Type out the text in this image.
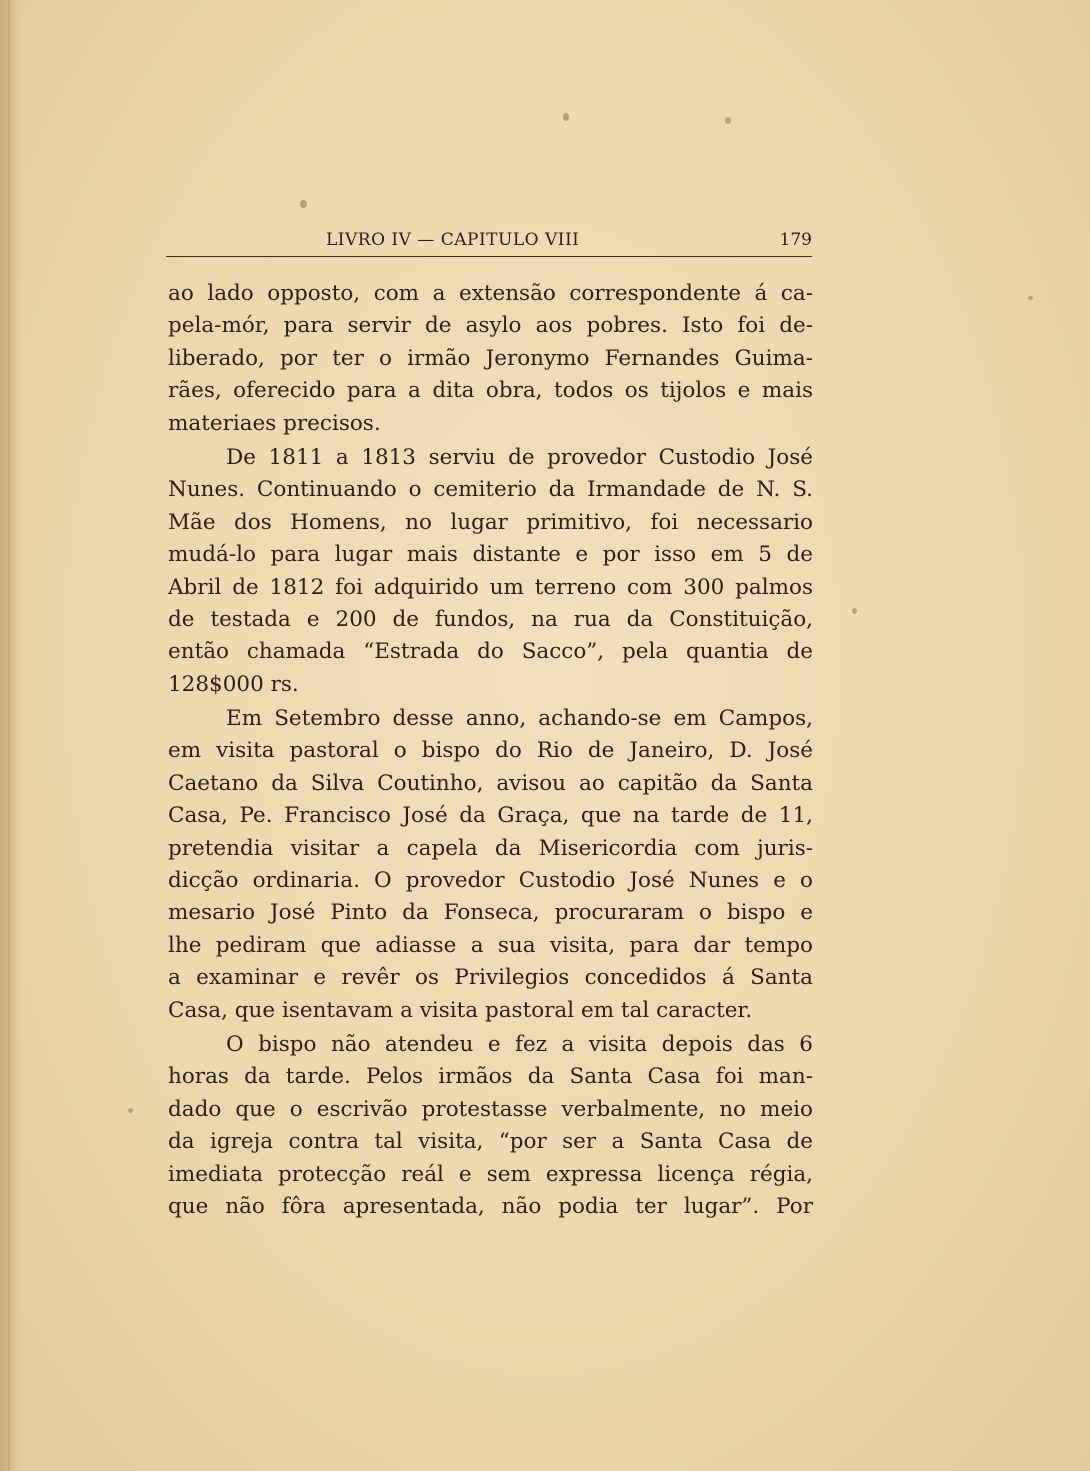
LIVRO IV — CAPITULO VIII	179
ao lado opposto, com a extensão correspondente á ca-
pela-mór, para servir de asylo aos pobres. Isto foi de-
liberado, por ter o irmão Jeronymo Fernandes Guima-
rães, oferecido para a dita obra, todos os tijolos e mais
materiaes precisos.
De 1811 a 1813 serviu de provedor Custodio José
Nunes. Continuando o cemiterio da Irmandade de N. S.
Mãe dos Homens, no lugar primitivo, foi necessario
mudá-lo para lugar mais distante e por isso em 5 de
Abril de 1812 foi adquirido um terreno com 300 palmos
de testada e 200 de fundos, na rua da Constituição,
então chamada “Estrada do Sacco”, pela quantia de
128$000 rs.
Em Setembro desse anno, achando-se em Campos,
em visita pastoral o bispo do Rio de Janeiro, D. José
Caetano da Silva Coutinho, avisou ao capitão da Santa
Casa, Pe. Francisco José da Graça, que na tarde de 11,
pretendia visitar a capela da Misericordia com juris-
dicção ordinaria. O provedor Custodio José Nunes e o
mesario José Pinto da Fonseca, procuraram o bispo e
lhe pediram que adiasse a sua visita, para dar tempo
a examinar e revêr os Privilegios concedidos á Santa
Casa, que isentavam a visita pastoral em tal caracter.
O bispo não atendeu e fez a visita depois das 6
horas da tarde. Pelos irmãos da Santa Casa foi man-
dado que o escrivão protestasse verbalmente, no meio
da igreja contra tal visita, “por ser a Santa Casa de
imediata protecção reál e sem expressa licença régia,
que não fôra apresentada, não podia ter lugar”. Por
